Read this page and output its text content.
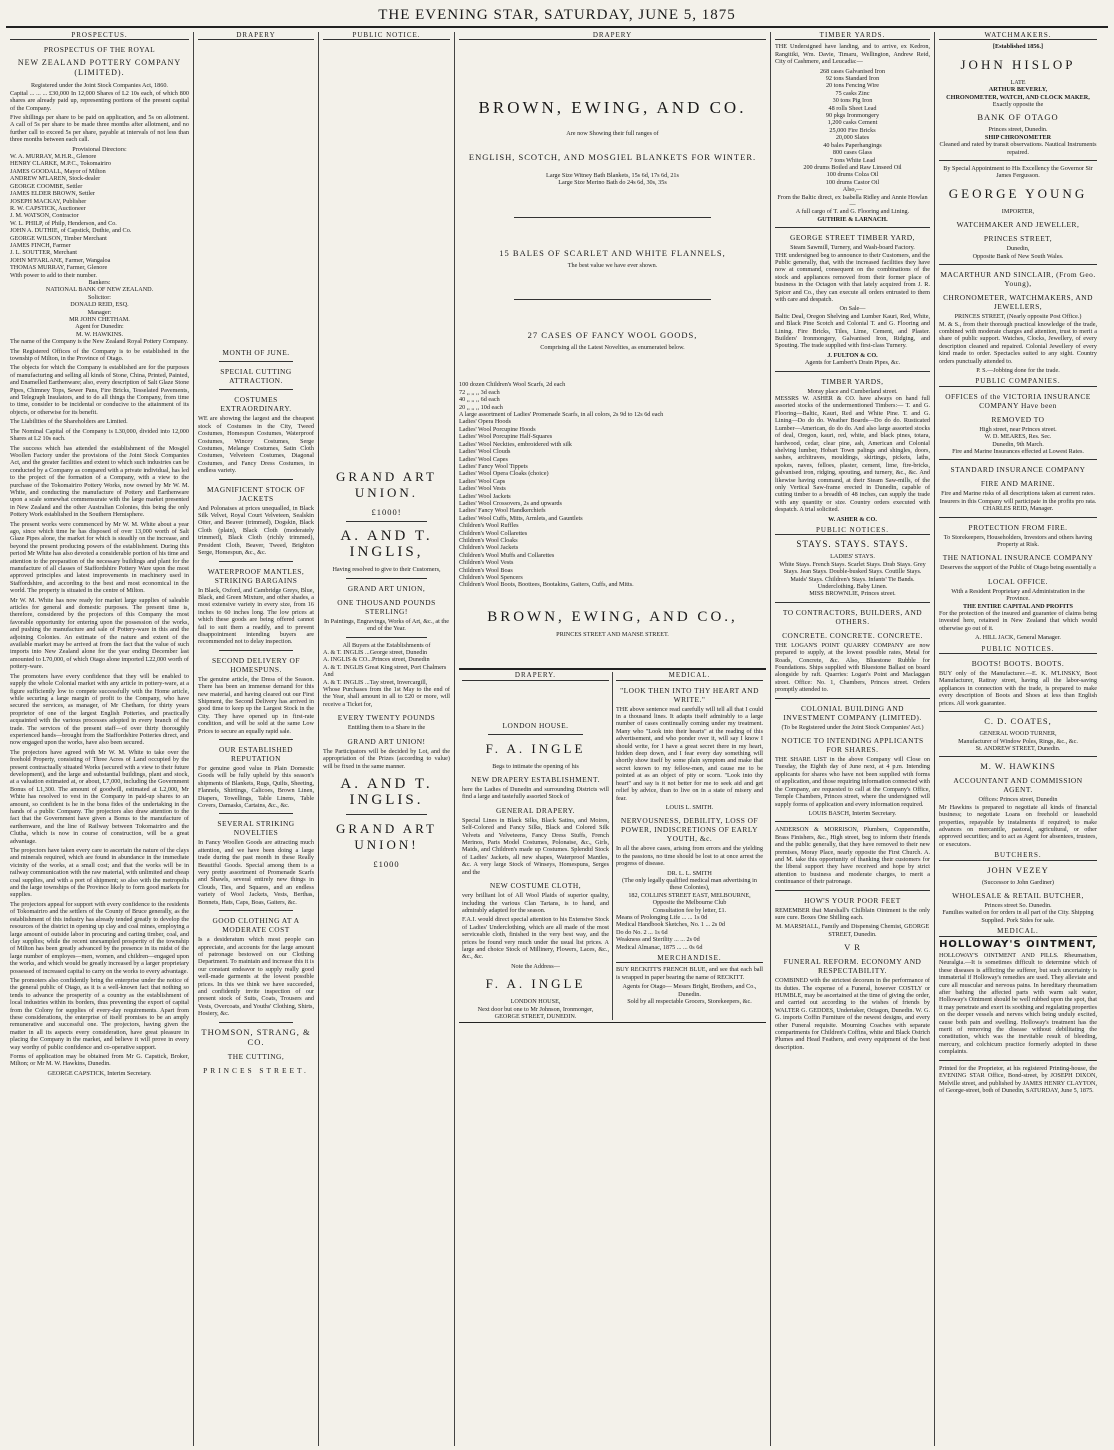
THE EVENING STAR, SATURDAY, JUNE 5, 1875
PROSPECTUS.
PROSPECTUS OF THE ROYAL
NEW ZEALAND POTTERY COMPANY (LIMITED).
Registered under the Joint Stock Companies Act, 1860.
Capital ... ... ... £30,000 In 12,000 Shares of L2 10s each, of which 800 shares are already paid up, representing portions of the present capital of the Company.
Five shillings per share to be paid on application, and 5s on allotment. A call of 5s per share to be made three months after allotment, and no further call to exceed 5s per share, payable at intervals of not less than three months between each call.
Provisional Directors:
W. A. MURRAY, M.H.R., Glenore
HENRY CLARKE, M.P.C., Tokomairiro
JAMES GOODALL, Mayor of Milton
ANDREW M'LAREN, Stock-dealer
GEORGE COOMBE, Settler
JAMES ELDER BROWN, Settler
JOSEPH MACKAY, Publisher
R. W. CAPSTICK, Auctioneer
J. M. WATSON, Contractor
W. L. PHILP, of Philp, Henderson, and Co.
JOHN A. DUTHIE, of Capstick, Duthie, and Co.
GEORGE WILSON, Timber Merchant
JAMES FINCH, Farmer
J. L. SOUTTER, Merchant
JOHN M'FARLANE, Farmer, Wangaloa
THOMAS MURRAY, Farmer, Glenore
With power to add to their number.
Bankers:
NATIONAL BANK OF NEW ZEALAND.
Solicitor:
DONALD REID, ESQ.
Manager:
MR JOHN CHETHAM.
Agent for Dunedin:
M. W. HAWKINS.
The name of the Company is the New Zealand Royal Pottery Company.
The Registered Offices of the Company is to be established in the township of Milton, in the Province of Otago.
The objects for which the Company is established are for the purposes of manufacturing and selling all kinds of Stone, China, Printed, Painted, and Enamelled Earthenware; also, every description of Salt Glaze Stone Pipes, Chimney Tops, Sewer Pans, Fire Bricks, Tesselated Pavements, and Telegraph Insulators, and to do all things the Company, from time to time, consider to be incidental or conducive to the attainment of its objects, or otherwise for its benefit.
The Liabilities of the Shareholders are Limited.
The Nominal Capital of the Company is L30,000, divided into 12,000 Shares at L2 10s each.
The success which has attended the establishment of the Mosgiel Woollen Factory under the provisions of the Joint Stock Companies Act, and the greater facilities and extent to which such industries can be conducted by a Company as compared with a private individual, has led to the project of the formation of a Company, with a view to the purchase of the Tokomairiro Pottery Works, now owned by Mr W. M. White, and conducting the manufacture of Pottery and Earthenware upon a scale somewhat commensurate with the large market presented in New Zealand and the other Australian Colonies, this being the only Pottery Work established in the Southern Hemisphere.
The present works were commenced by Mr W. M. White about a year ago, since which time he has disposed of over 13,000 worth of Salt Glaze Pipes alone, the market for which is steadily on the increase, and beyond the present producing powers of the establishment. During this period Mr White has also devoted a considerable portion of his time and attention to the preparation of the necessary buildings and plant for the manufacture of all classes of Staffordshire Pottery Ware upon the most approved principles and latest improvements in machinery used in Staffordshire, and according to the best and most economical in the world. The property is situated in the centre of Milton.
Mr W. M. White has now ready for market large supplies of saleable articles for general and domestic purposes. The present time is, therefore, considered by the projectors of this Company the most favorable opportunity for entering upon the possession of the works, and pushing the manufacture and sale of Pottery-ware in this and the adjoining Colonies. An estimate of the nature and extent of the available market may be arrived at from the fact that the value of such imports into New Zealand alone for the year ending December last amounted to L70,000, of which Otago alone imported L22,000 worth of pottery-ware.
The promoters have every confidence that they will be enabled to supply the whole Colonial market with any article in pottery-ware, at a figure sufficiently low to compete successfully with the Home article, while securing a large margin of profit to the Company, who have secured the services, as manager, of Mr Chetham, for thirty years proprietor of one of the largest English Potteries, and practically acquainted with the various processes adopted in every branch of the trade. The services of the present staff—of over thirty thoroughly experienced hands—brought from the Staffordshire Potteries direct, and now engaged upon the works, have also been secured.
The projectors have agreed with Mr W. M. White to take over the freehold Property, consisting of Three Acres of Land occupied by the present contractually situated Works (secured with a view to their future development), and the large and substantial buildings, plant and stock, at a valuation estimated at, or about, L7,000, including the Government Bonus of L1,300. The amount of goodwill, estimated at L2,000, Mr White has resolved to vest in the Company in paid-up shares to an amount, so confident is he in the bona fides of the undertaking in the hands of a public Company. The projectors also draw attention to the fact that the Government have given a Bonus to the manufacture of earthenware, and the line of Railway between Tokomairiro and the Clutha, which is now in course of construction, will be a great advantage.
The projectors have taken every care to ascertain the nature of the clays and minerals required, which are found in abundance in the immediate vicinity of the works, at a small cost; and that the works will be in railway communication with the raw material, with unlimited and cheap coal supplies, and with a port of shipment; so also with the metropolis and the large townships of the Province likely to form good markets for supplies.
The projectors appeal for support with every confidence to the residents of Tokomairiro and the settlers of the County of Bruce generally, as the establishment of this industry has already tended greatly to develop the resources of the district in opening up clay and coal mines, employing a large amount of outside labor in procuring and carting timber, coal, and clay supplies; while the recent unexampled prosperity of the township of Milton has been greatly advanced by the presence in its midst of the large number of employes—men, women, and children—engaged upon the works, and which would be greatly increased by a larger proprietary possessed of increased capital to carry on the works to every advantage.
The promoters also confidently bring the enterprise under the notice of the general public of Otago, as it is a well-known fact that nothing so tends to advance the prosperity of a country as the establishment of local industries within its borders, thus preventing the export of capital from the Colony for supplies of every-day requirements. Apart from these considerations, the enterprise of itself promises to be an amply remunerative and successful one. The projectors, having given the matter in all its aspects every consideration, have great pleasure in placing the Company in the market, and believe it will prove in every way worthy of public confidence and co-operative support.
Forms of application may be obtained from Mr G. Capstick, Broker, Milton; or Mr M. W. Hawkins, Dunedin.
GEORGE CAPSTICK, Interim Secretary.
DRAPERY
MONTH OF JUNE.
SPECIAL CUTTING ATTRACTION.
COSTUMES EXTRAORDINARY.
WE are showing the largest and the cheapest stock of Costumes in the City, Tweed Costumes, Homespun Costumes, Waterproof Costumes, Wincey Costumes, Serge Costumes, Melange Costumes, Satin Cloth Costumes, Velveteen Costumes, Diagonal Costumes, and Fancy Dress Costumes, in endless variety.
MAGNIFICENT STOCK OF JACKETS
And Polonaises at prices unequalled, in Black Silk Velvet, Royal Court Velveteen, Sealskin Otter, and Beaver (trimmed), Dogskin, Black Cloth (plain), Black Cloth (moderately trimmed), Black Cloth (richly trimmed), President Cloth, Beaver, Tweed, Brighton Serge, Homespun, &c., &c.
WATERPROOF MANTLES, STRIKING BARGAINS
In Black, Oxford, and Cambridge Greys, Blue, Black, and Green Mixture, and other shades, a most extensive variety in every size, from 16 inches to 60 inches long. The low prices at which these goods are being offered cannot fail to suit them a readily, and to prevent disappointment intending buyers are recommended not to delay inspection.
SECOND DELIVERY OF HOMESPUNS.
The genuine article, the Dress of the Season. There has been an immense demand for this new material, and having cleared out our First Shipment, the Second Delivery has arrived in good time to keep up the Largest Stock in the City. They have opened up in first-rate condition, and will be sold at the same Low Prices to secure an equally rapid sale.
OUR ESTABLISHED REPUTATION
For genuine good value in Plain Domestic Goods will be fully upheld by this season's shipments of Blankets, Rugs, Quilts, Sheeting, Flannels, Shirtings, Calicoes, Brown Linen, Diapers, Towellings, Table Linens, Table Covers, Damasks, Cartains, &c., &c.
SEVERAL STRIKING NOVELTIES
In Fancy Woollen Goods are attracting much attention, and we have been doing a large trade during the past month in these Really Beautiful Goods. Special among them is a very pretty assortment of Promenade Scarfs and Shawls, several entirely new things in Clouds, Ties, and Squares, and an endless variety of Wool Jackets, Vests, Berthas, Bonnets, Hats, Caps, Boas, Gaiters, &c.
GOOD CLOTHING AT A MODERATE COST
Is a desideratum which most people can appreciate, and accounts for the large amount of patronage bestowed on our Clothing Department. To maintain and increase this it is our constant endeavor to supply really good well-made garments at the lowest possible prices. In this we think we have succeeded, and confidently invite inspection of our present stock of Suits, Coats, Trousers and Vests, Overcoats, and Youths' Clothing, Shirts, Hosiery, &c.
THOMSON, STRANG, & CO.
THE CUTTING,
PRINCES STREET.
PUBLIC NOTICE.
GRAND ART UNION.
£1000!
A. AND T. INGLIS,
Having resolved to give to their Customers,
GRAND ART UNION,
ONE THOUSAND POUNDS STERLING!
In Paintings, Engravings, Works of Art, &c., at the end of the Year.
All Buyers at the Establishments of
A. & T. INGLIS ...George street, Dunedin
A. INGLIS & CO...Princes street, Dunedin
A. & T. INGLIS Great King street, Port Chalmers
And
A. & T. INGLIS ...Tay street, Invercargill,
Whose Purchases from the 1st May to the end of the Year, shall amount in all to £20 or more, will receive a Ticket for,
EVERY TWENTY POUNDS
Entitling them to a Share in the
GRAND ART UNION!
The Participators will be decided by Lot, and the appropriation of the Prizes (according to value) will be fixed in the same manner.
A. AND T. INGLIS.
GRAND ART UNION!
£1000
DRAPERY
BROWN, EWING, AND CO.
Are now Showing their full ranges of
ENGLISH, SCOTCH, AND MOSGIEL BLANKETS FOR WINTER.
Large Size Witney Bath Blankets, 15s 6d, 17s 6d, 21s
Large Size Merino Bath do 24s 6d, 30s, 35s
15 BALES OF SCARLET AND WHITE FLANNELS,
The best value we have ever shown.
27 CASES OF FANCY WOOL GOODS,
Comprising all the Latest Novelties, as enumerated below.
100 dozen Children's Wool Scarfs, 2d each
72 ,, ,, ,, 3d each
40 ,, ,, ,, 6d each
20 ,, ,, ,, 10d each
A large assortment of Ladies' Promenade Scarfs, in all colors, 2s 9d to 12s 6d each
Ladies' Opera Hoods
Ladies' Wool Porcupine Hoods
Ladies' Wool Porcupine Half-Squares
Ladies' Wool Neckties, embroidered with silk
Ladies' Wool Clouds
Ladies' Wool Capes
Ladies' Fancy Wool Tippets
Ladies' Wool Opera Cloaks (choice)
Ladies' Wool Caps
Ladies' Wool Vests
Ladies' Wool Jackets
Ladies' Wool Crossovers, 2s and upwards
Ladies' Fancy Wool Handkerchiefs
Ladies' Wool Cuffs, Mitts, Armlets, and Gauntlets
Children's Wool Ruffles
Children's Wool Collarettes
Children's Wool Cloaks
Children's Wool Jackets
Children's Wool Muffs and Collarettes
Children's Wool Vests
Children's Wool Boas
Children's Wool Spencers
Children's Wool Boots, Boottees, Bootakins, Gaiters, Cuffs, and Mitts.
BROWN, EWING, AND CO.,
PRINCES STREET AND MANSE STREET.
DRAPERY.
LONDON HOUSE.
F. A. INGLE
Begs to intimate the opening of his
NEW DRAPERY ESTABLISHMENT.
here the Ladies of Dunedin and surrounding Districts will find a large and tastefully assorted Stock of
GENERAL DRAPERY.
Special Lines in Black Silks, Black Satins, and Moires, Self-Colored and Fancy Silks, Black and Colored Silk Velvets and Velveteens, Fancy Dress Stuffs, French Merinos, Paris Model Costumes, Polonaise, &c., Girls, Maids, and Children's made up Costumes. Splendid Stock of Ladies' Jackets, all new shapes, Waterproof Mantles, &c. A very large Stock of Winseys, Homespuns, Serges and the
NEW COSTUME CLOTH,
very brilliant lot of All Wool Plaids of superior quality, including the various Clan Tartans, is to hand, and admirably adapted for the season.
F.A.I. would direct special attention to his Extensive Stock of Ladies' Underclothing, which are all made of the most serviceable cloth, finished in the very best way, and the prices be found very much under the usual list prices. A large and choice Stock of Millinery, Flowers, Laces, &c., &c., &c.
Note the Address—
F. A. INGLE
LONDON HOUSE,
Next door but one to Mr Johnson, Ironmonger,
GEORGE STREET, DUNEDIN.
MEDICAL.
"LOOK THEN INTO THY HEART AND WRITE."
THE above sentence read carefully will tell all that I could in a thousand lines. It adapts itself admirably to a large number of cases continually coming under my treatment. Many who "Look into their hearts" at the reading of this advertisement, and who ponder over it, will say I know I should write, for I have a great secret there in my heart, hidden deep down, and I fear every day something will shortly show itself by some plain symptom and make that secret known to my fellow-men, and cause me to be pointed at as an object of pity or scorn. "Look into thy heart" and say is it not better for me to seek aid and get relief by advice, than to live on in a state of misery and fear.
LOUIS L. SMITH.
NERVOUSNESS, DEBILITY, LOSS OF POWER, INDISCRETIONS OF EARLY YOUTH, &c.
In all the above cases, arising from errors and the yielding to the passions, no time should be lost to at once arrest the progress of disease.
DR. L. L. SMITH
(The only legally qualified medical man advertising in these Colonies),
182, COLLINS STREET EAST, MELBOURNE,
Opposite the Melbourne Club
Consultation fee by letter, £1.
Means of Prolonging Life ... ... 1s 0d
Medical Handbook Sketches, No. 1 ... 2s 0d
Do do No. 2 ... 1s 6d
Weakness and Sterility ... ... 2s 0d
Medical Almanac, 1875 ... ... 0s 6d
MERCHANDISE.
BUY RECKITT'S FRENCH BLUE, and see that each ball is wrapped in paper bearing the name of RECKITT.
Agents for Otago— Messrs Bright, Brothers, and Co., Dunedin.
Sold by all respectable Grocers, Storekeepers, &c.
TIMBER YARDS.
THE Undersigned have landing, and to arrive, ex Kedron, Rangitiki, Wm. Davie, Timaru, Wellington, Andrew Reid, City of Cashmere, and Leucadia:—
268 cases Galvanised Iron
92 tons Standard Iron
20 tons Fencing Wire
75 casks Zinc
30 tons Pig Iron
48 rolls Sheet Lead
90 pkgs Ironmongery
1,200 casks Cement
25,000 Fire Bricks
20,000 Slates
40 bales Paperhangings
800 cases Glass
7 tons White Lead
200 drums Boiled and Raw Linseed Oil
100 drums Colza Oil
100 drums Castor Oil
Also,—
From the Baltic direct, ex Isabella Ridley and Annie Howlan—
A full cargo of T. and G. Flooring and Lining.
GUTHRIE & LARNACH.
GEORGE STREET TIMBER YARD,
Steam Sawmill, Turnery, and Wash-board Factory.
THE undersigned beg to announce to their Customers, and the Public generally, that, with the increased facilities they have now at command, consequent on the combinations of the stock and appliances removed from their former place of business in the Octagon with that lately acquired from J. R. Spicer and Co., they can execute all orders entrusted to them with care and despatch.
On Sale—
Baltic Deal, Oregon Shelving and Lumber Kauri, Red, White, and Black Pine Scotch and Colonial T. and G. Flooring and Lining. Fire Bricks, Tiles, Lime, Cement, and Plaster. Builders' Ironmongery, Galvanised Iron, Ridging, and Spouting. The trade supplied with first-class Turnery.
J. FULTON & CO.
Agents for Lambert's Drain Pipes, &c.
TIMBER YARDS,
Moray place and Cumberland street.
MESSRS W. ASHER & CO. have always on hand full assorted stocks of the undermentioned Timbers:— T. and G. Flooring—Baltic, Kauri, Red and White Pine. T. and G. Lining—Do do do. Weather Boards—Do do do. Rusticated Lumber—American, do do do. And also large assorted stocks of deal, Oregon, kauri, red, white, and black pines, totara, hardwood, cedar, clear pine, ash, American and Colonial shelving lumber, Hobart Town palings and shingles, doors, sashes, architraves, mouldings, skirtings, pickets, laths, spokes, naves, felloes, plaster, cement, lime, fire-bricks, galvanised iron, ridging, spouting, and turnery, &c., &c. And likewise having command, at their Steam Saw-mills, of the only Vertical Saw-frame erected in Dunedin, capable of cutting timber to a breadth of 48 inches, can supply the trade with any quantity or size. Country orders executed with despatch. A trial solicited.
W. ASHER & CO.
PUBLIC NOTICES.
STAYS. STAYS. STAYS.
LADIES' STAYS.
White Stays. French Stays. Scarlet Stays. Drab Stays. Grey Stays. Jean Stays. Double-busked Stays. Coutille Stays. Maids' Stays. Children's Stays. Infants' Tie Bands. Underclothing. Baby Linen.
MISS BROWNLIE, Princes street.
TO CONTRACTORS, BUILDERS, AND OTHERS.
CONCRETE. CONCRETE. CONCRETE.
THE LOGAN'S POINT QUARRY COMPANY are now prepared to supply, at the lowest possible rates, Metal for Roads, Concrete, &c. Also, Bluestone Rubble for Foundations. Ships supplied with Bluestone Ballast on board alongside by raft. Quarries: Logan's Point and Maclaggan street. Office: No. 1, Chambers, Princes street. Orders promptly attended to.
COLONIAL BUILDING AND INVESTMENT COMPANY (LIMITED).
(To be Registered under the Joint Stock Companies' Act.)
NOTICE TO INTENDING APPLICANTS FOR SHARES.
THE SHARE LIST in the above Company will Close on Tuesday, the Eighth day of June next, at 4 p.m. Intending applicants for shares who have not been supplied with forms of application, and those requiring information connected with the Company, are requested to call at the Company's Office, Temple Chambers, Princes street, where the undersigned will supply forms of application and every information required.
LOUIS BASCH, Interim Secretary.
ANDERSON & MORRISON, Plumbers, Coppersmiths, Brass Finishers, &c., High street, beg to inform their friends and the public generally, that they have removed to their new premises, Moray Place, nearly opposite the First Church. A. and M. take this opportunity of thanking their customers for the liberal support they have received and hope by strict attention to business and moderate charges, to merit a continuance of their patronage.
HOW'S YOUR POOR FEET
REMEMBER that Marshall's Chilblain Ointment is the only sure cure. Boxes One Shilling each.
M. MARSHALL, Family and Dispensing Chemist, GEORGE STREET, Dunedin.
V R
FUNERAL REFORM. ECONOMY AND RESPECTABILITY.
COMBINED with the strictest decorum in the performance of its duties. The expense of a Funeral, however COSTLY or HUMBLE, may be ascertained at the time of giving the order, and carried out according to the wishes of friends by WALTER G. GEDDES, Undertaker, Octagon, Dunedin. W. G. G. imports Coffin Furniture of the newest designs, and every other Funeral requisite. Mourning Coaches with separate compartments for Children's Coffins, white and Black Ostrich Plumes and Head Feathers, and every equipment of the best description.
WATCHMAKERS.
[Established 1856.]
JOHN HISLOP
LATE
ARTHUR BEVERLY,
CHRONOMETER, WATCH, AND CLOCK MAKER,
Exactly opposite the
BANK OF OTAGO
Princes street, Dunedin.
SHIP CHRONOMETER
Cleaned and rated by transit observations. Nautical Instruments repaired.
By Special Appointment to His Excellency the Governor Sir James Fergusson.
GEORGE YOUNG
IMPORTER,
WATCHMAKER AND JEWELLER,
PRINCES STREET,
Dunedin,
Opposite Bank of New South Wales.
MACARTHUR AND SINCLAIR, (From Geo. Young),
CHRONOMETER, WATCHMAKERS, AND JEWELLERS,
PRINCES STREET, (Nearly opposite Post Office.)
M. & S., from their thorough practical knowledge of the trade, combined with moderate charges and attention, trust to merit a share of public support. Watches, Clocks, Jewellery, of every description cleaned and repaired. Colonial Jewellery of every kind made to order. Spectacles suited to any sight. Country orders punctually attended to.
P. S.—Jobbing done for the trade.
PUBLIC COMPANIES.
OFFICES of the VICTORIA INSURANCE COMPANY Have been
REMOVED TO
High street, near Princes street.
W. D. MEARES, Res. Sec.
Dunedin, 9th March.
Fire and Marine Insurances effected at Lowest Rates.
STANDARD INSURANCE COMPANY
FIRE AND MARINE.
Fire and Marine risks of all descriptions taken at current rates.
Insurers in this Company will participate in the profits pro rata.
CHARLES REID, Manager.
PROTECTION FROM FIRE.
To Storekeepers, Householders, Investors and others having Property at Risk.
THE NATIONAL INSURANCE COMPANY
Deserves the support of the Public of Otago being essentially a
LOCAL OFFICE.
With a Resident Proprietary and Administration in the Province.
THE ENTIRE CAPITAL AND PROFITS
For the protection of the insured and guarantee of claims being invested here, retained in New Zealand that which would otherwise go out of it.
A. HILL JACK, General Manager.
PUBLIC NOTICES.
BOOTS! BOOTS. BOOTS.
BUY only of the Manufacturer.—E. K. M'LINSKY, Boot Manufacturer, Rattray street, having all the labor-saving appliances in connection with the trade, is prepared to make every description of Boots and Shoes at less than English prices. All work guarantee.
C. D. COATES,
GENERAL WOOD TURNER,
Manufacturer of Window Poles, Rings, &c., &c.
St. ANDREW STREET, Dunedin.
M. W. HAWKINS
ACCOUNTANT AND COMMISSION AGENT.
Offices: Princes street, Dunedin
Mr Hawkins is prepared to negotiate all kinds of financial business; to negotiate Loans on freehold or leasehold properties, repayable by instalments if required; to make advances on mercantile, pastoral, agricultural, or other approved securities; and to act as Agent for absentees, trustees, or executors.
BUTCHERS.
JOHN VEZEY
(Successor to John Gardiner)
WHOLESALE & RETAIL BUTCHER,
Princes street So. Dunedin.
Families waited on for orders in all part of the City. Shipping Supplied. Pork Sides for sale.
MEDICAL.
HOLLOWAY'S OINTMENT,
HOLLOWAY'S OINTMENT AND PILLS. Rheumatism, Neuralgia.—It is sometimes difficult to determine which of these diseases is afflicting the sufferer, but such uncertainty is immaterial if Holloway's remedies are used. They alleviate and cure all muscular and nervous pains. In hereditary rheumatism after bathing the affected parts with warm salt water, Holloway's Ointment should be well rubbed upon the spot, that it may penetrate and exert its soothing and regulating properties on the deeper vessels and nerves which being unduly excited, cause both pain and swelling. Holloway's treatment has the merit of removing the disease without debilitating the constitution, which was the inevitable result of bleeding, mercury, and colchicum practice formerly adopted in these complaints.
Printed for the Proprietor, at his registered Printing-house, the EVENING STAR Office, Bond-street, by JOSEPH DIXON, Melville street, and published by JAMES HENRY CLAYTON, of George-street, both of Dunedin, SATURDAY, June 5, 1875.
